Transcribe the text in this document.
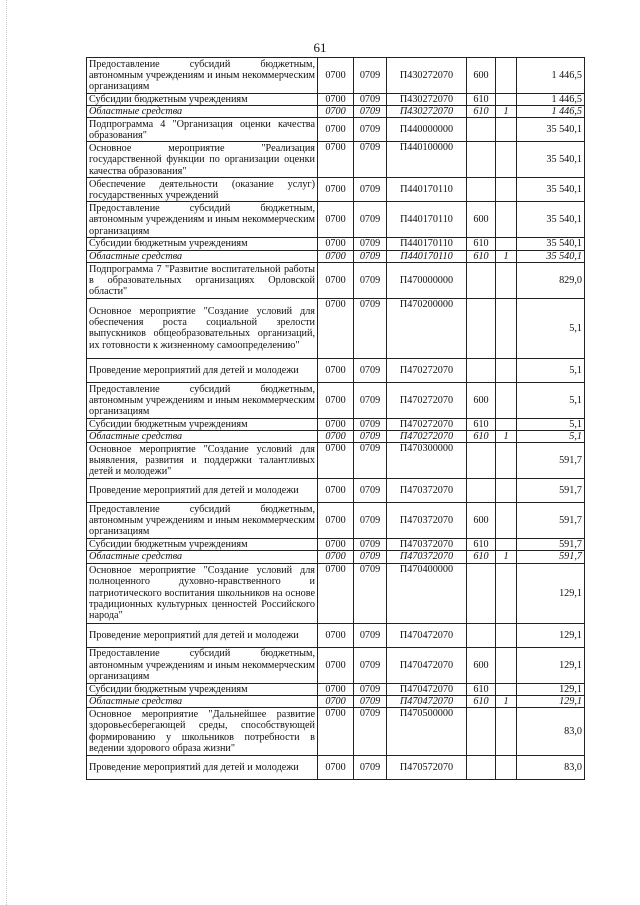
61
Предоставление субсидий бюджетным, автономным учреждениям и иным некоммерческим организациям	0700	0709	П430272070	600		1 446,5
Субсидии бюджетным учреждениям	0700	0709	П430272070	610		1 446,5
Областные средства	0700	0709	П430272070	610	1	1 446,5
Подпрограмма 4 "Организация оценки качества образования"	0700	0709	П440000000			35 540,1
Основное мероприятие "Реализация государственной функции по организации оценки качества образования"	0700	0709	П440100000			35 540,1
Обеспечение деятельности (оказание услуг) государственных учреждений	0700	0709	П440170110			35 540,1
Предоставление субсидий бюджетным, автономным учреждениям и иным некоммерческим организациям	0700	0709	П440170110	600		35 540,1
Субсидии бюджетным учреждениям	0700	0709	П440170110	610		35 540,1
Областные средства	0700	0709	П440170110	610	1	35 540,1
Подпрограмма 7 "Развитие воспитательной работы в образовательных организациях Орловской области"	0700	0709	П470000000			829,0
Основное мероприятие "Создание условий для обеспечения роста социальной зрелости выпускников общеобразовательных организаций, их готовности к жизненному самоопределению"	0700	0709	П470200000			5,1
Проведение мероприятий для детей и молодежи	0700	0709	П470272070			5,1
Предоставление субсидий бюджетным, автономным учреждениям и иным некоммерческим организациям	0700	0709	П470272070	600		5,1
Субсидии бюджетным учреждениям	0700	0709	П470272070	610		5,1
Областные средства	0700	0709	П470272070	610	1	5,1
Основное мероприятие "Создание условий для выявления, развития и поддержки талантливых детей и молодежи"	0700	0709	П470300000			591,7
Проведение мероприятий для детей и молодежи	0700	0709	П470372070			591,7
Предоставление субсидий бюджетным, автономным учреждениям и иным некоммерческим организациям	0700	0709	П470372070	600		591,7
Субсидии бюджетным учреждениям	0700	0709	П470372070	610		591,7
Областные средства	0700	0709	П470372070	610	1	591,7
Основное мероприятие "Создание условий для полноценного духовно-нравственного и патриотического воспитания школьников на основе традиционных культурных ценностей Российского народа"	0700	0709	П470400000			129,1
Проведение мероприятий для детей и молодежи	0700	0709	П470472070			129,1
Предоставление субсидий бюджетным, автономным учреждениям и иным некоммерческим организациям	0700	0709	П470472070	600		129,1
Субсидии бюджетным учреждениям	0700	0709	П470472070	610		129,1
Областные средства	0700	0709	П470472070	610	1	129,1
Основное мероприятие "Дальнейшее развитие здоровьесберегающей среды, способствующей формированию у школьников потребности в ведении здорового образа жизни"	0700	0709	П470500000			83,0
Проведение мероприятий для детей и молодежи	0700	0709	П470572070			83,0
